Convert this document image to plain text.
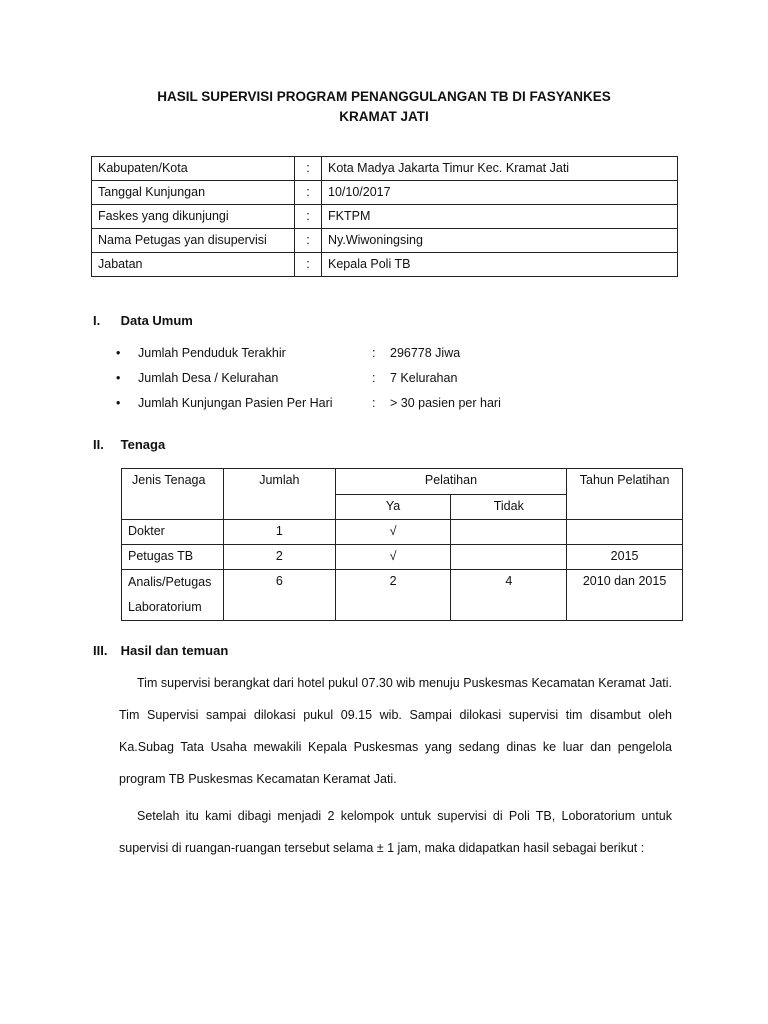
HASIL SUPERVISI PROGRAM PENANGGULANGAN TB DI FASYANKES
KRAMAT JATI
Kabupaten/Kota	:	Kota Madya Jakarta Timur Kec. Kramat Jati
Tanggal Kunjungan	:	10/10/2017
Faskes yang dikunjungi	:	FKTPM
Nama Petugas yan disupervisi	:	Ny.Wiwoningsing
Jabatan	:	Kepala Poli TB
I. Data Umum
• Jumlah Penduduk Terakhir	: 296778 Jiwa
• Jumlah Desa / Kelurahan	: 7 Kelurahan
• Jumlah Kunjungan Pasien Per Hari	: > 30 pasien per hari
II. Tenaga
Jenis Tenaga	Jumlah	Pelatihan		Tahun Pelatihan
		Ya	Tidak	
Dokter	1	√		
Petugas TB	2	√		2015
Analis/Petugas Laboratorium	6	2	4	2010 dan 2015
III. Hasil dan temuan
Tim supervisi berangkat dari hotel pukul 07.30 wib menuju Puskesmas Kecamatan Keramat Jati. Tim Supervisi sampai dilokasi pukul 09.15 wib. Sampai dilokasi supervisi tim disambut oleh Ka.Subag Tata Usaha mewakili Kepala Puskesmas yang sedang dinas ke luar dan pengelola program TB Puskesmas Kecamatan Keramat Jati.
Setelah itu kami dibagi menjadi 2 kelompok untuk supervisi di Poli TB, Loboratorium untuk supervisi di ruangan-ruangan tersebut selama ± 1 jam, maka didapatkan hasil sebagai berikut :
